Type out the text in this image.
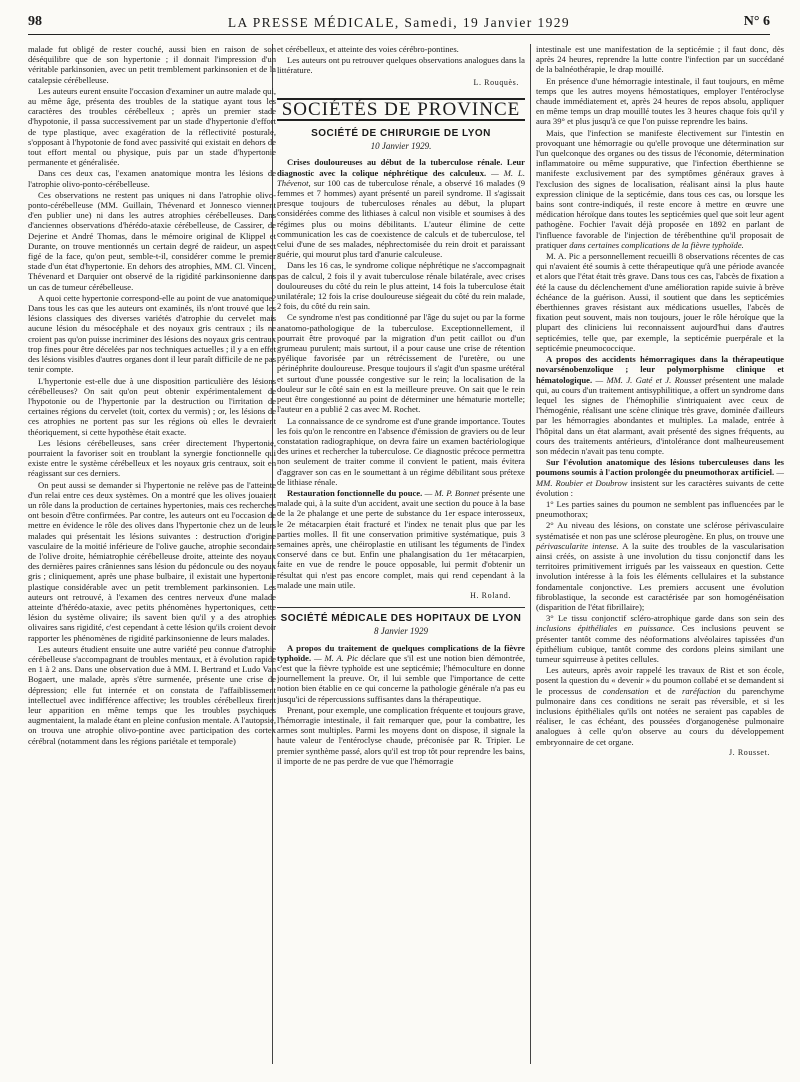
98	LA PRESSE MÉDICALE, Samedi, 19 Janvier 1929	N° 6

malade fut obligé de rester couché, aussi bien en raison de son déséquilibre que de son hypertonie ; il donnait l'impression d'un véritable parkinsonien, avec un petit tremblement parkinsonien et de la catalepsie cérébelleuse.

Les auteurs eurent ensuite l'occasion d'examiner un autre malade qui, au même âge, présenta des troubles de la statique ayant tous les caractères des troubles cérébelleux ; après un premier stade d'hypotonie, il passa successivement par un stade d'hypertonie d'effort de type plastique, avec exagération de la réflectivité posturale, s'opposant à l'hypotonie de fond avec passivité qui existait en dehors de tout effort mental ou physique, puis par un stade d'hypertonie permanente et généralisée.

Dans ces deux cas, l'examen anatomique montra les lésions de l'atrophie olivo-ponto-cérébelleuse.

Ces observations ne restent pas uniques ni dans l'atrophie olivo-ponto-cérébelleuse (MM. Guillain, Thévenard et Jonnesco viennent d'en publier une) ni dans les autres atrophies cérébelleuses. Dans d'anciennes observations d'hérédo-ataxie cérébelleuse, de Cassirer, de Dejerine et André Thomas, dans le mémoire original de Klippel et Durante, on trouve mentionnés un certain degré de raideur, un aspect figé de la face, qu'on peut, semble-t-il, considérer comme le premier stade d'un état d'hypertonie. En dehors des atrophies, MM. Cl. Vincent, Thévenard et Darquier ont observé de la rigidité parkinsonienne dans un cas de tumeur cérébelleuse.

A quoi cette hypertonie correspond-elle au point de vue anatomique? Dans tous les cas que les auteurs ont examinés, ils n'ont trouvé que les lésions classiques des diverses variétés d'atrophie du cervelet mais aucune lésion du mésocéphale et des noyaux gris centraux ; ils ne croient pas qu'on puisse incriminer des lésions des noyaux gris centraux trop fines pour être décelées par nos techniques actuelles ; il y a en effet des lésions visibles d'autres organes dont il leur paraît difficile de ne pas tenir compte.

L'hypertonie est-elle due à une disposition particulière des lésions cérébelleuses? On sait qu'on peut obtenir expérimentalement de l'hypotonie ou de l'hypertonie par la destruction ou l'irritation de certaines régions du cervelet (toit, cortex du vermis) ; or, les lésions de ces atrophies ne portent pas sur les régions où elles le devraient théoriquement, si cette hypothèse était exacte.

Les lésions cérébelleuses, sans créer directement l'hypertonie, pourraient la favoriser soit en troublant la synergie fonctionnelle qui existe entre le système cérébelleux et les noyaux gris centraux, soit en réagissant sur ces derniers.

On peut aussi se demander si l'hypertonie ne relève pas de l'atteinte d'un relai entre ces deux systèmes. On a montré que les olives jouaient un rôle dans la production de certaines hypertonies, mais ces recherches ont besoin d'être confirmées. Par contre, les auteurs ont eu l'occasion de mettre en évidence le rôle des olives dans l'hypertonie chez un de leurs malades qui présentait les lésions suivantes : destruction d'origine vasculaire de la moitié inférieure de l'olive gauche, atrophie secondaire de l'olive droite, hémiatrophie cérébelleuse droite, atteinte des noyaux des dernières paires crâniennes sans lésion du pédoncule ou des noyaux gris ; cliniquement, après une phase bulbaire, il existait une hypertonie plastique considérable avec un petit tremblement parkinsonien. Les auteurs ont retrouvé, à l'examen des centres nerveux d'une malade atteinte d'hérédo-ataxie, avec petits phénomènes hypertoniques, cette lésion du système olivaire; ils savent bien qu'il y a des atrophies olivaires sans rigidité, c'est cependant à cette lésion qu'ils croient devoir rapporter les phénomènes de rigidité parkinsonienne de leurs malades.

Les auteurs étudient ensuite une autre variété peu connue d'atrophie cérébelleuse s'accompagnant de troubles mentaux, et à évolution rapide en 1 à 2 ans. Dans une observation due à MM. I. Bertrand et Ludo Van Bogaert, une malade, après s'être surmenée, présente une crise de dépression; elle fut internée et on constata de l'affaiblissement intellectuel avec indifférence affective; les troubles cérébelleux firent leur apparition en même temps que les troubles psychiques augmentaient, la malade étant en pleine confusion mentale. A l'autopsie, on trouva une atrophie olivo-pontine avec participation des cortex cérébral (notamment dans les régions pariétale et temporale)

et cérébelleux, et atteinte des voies cérébro-pontines.

Les auteurs ont pu retrouver quelques observations analogues dans la littérature.

L. Rouquès.
SOCIÉTÉS DE PROVINCE
SOCIÉTÉ DE CHIRURGIE DE LYON
10 Janvier 1929.

Crises douloureuses au début de la tuberculose rénale. Leur diagnostic avec la colique néphrétique des calculeux. — M. L. Thévenot, sur 100 cas de tuberculose rénale, a observé 16 malades (9 femmes et 7 hommes) ayant présenté un pareil syndrome. Il s'agissait presque toujours de tuberculoses rénales au début, la plupart considérées comme des lithiases à calcul non visible et soumises à des régimes plus ou moins débilitants. L'auteur élimine de cette communication les cas de coexistence de calculs et de tuberculose, tel celui d'une de ses malades, néphrectomisée du rein droit et paraissant guérie, qui mourut plus tard d'anurie calculeuse.

Dans les 16 cas, le syndrome colique néphrétique ne s'accompagnait pas de calcul, 2 fois il y avait tuberculose rénale bilatérale, avec crises douloureuses du côté du rein le plus atteint, 14 fois la tuberculose était unilatérale; 12 fois la crise douloureuse siégeait du côté du rein malade, 2 fois, du côté du rein sain.

Ce syndrome n'est pas conditionné par l'âge du sujet ou par la forme anatomo-pathologique de la tuberculose. Exceptionnellement, il pourrait être provoqué par la migration d'un petit caillot ou d'un grumeau purulent; mais surtout, il a pour cause une crise de rétention pyélique favorisée par un rétrécissement de l'uretère, ou une périnéphrite douloureuse. Presque toujours il s'agit d'un spasme urétéral et surtout d'une poussée congestive sur le rein; la localisation de la douleur sur le côté sain en est la meilleure preuve. On sait que le rein peut être congestionné au point de déterminer une hématurie mortelle; l'auteur en a publié 2 cas avec M. Rochet.

La connaissance de ce syndrome est d'une grande importance. Toutes les fois qu'on le rencontre en l'absence d'émission de graviers ou de leur constatation radiographique, on devra faire un examen bactériologique des urines et rechercher la tuberculose. Ce diagnostic précoce permettra non seulement de traiter comme il convient le patient, mais évitera d'aggraver son cas en le soumettant à un régime débilitant sous prétexe de lithiase rénale.

Restauration fonctionnelle du pouce. — M. P. Bonnet présente une malade qui, à la suite d'un accident, avait une section du pouce à la base de la 2e phalange et une perte de substance du 1er espace interosseux, le 2e métacarpien était fracturé et l'index ne tenait plus que par les parties molles. Il fit une conservation primitive systématique, puis 3 semaines après, une chéiroplastie en utilisant les téguments de l'index conservé dans ce but. Enfin une phalangisation du 1er métacarpien, faite en vue de rendre le pouce opposable, lui permit d'obtenir un résultat qui n'est pas encore complet, mais qui rend cependant à la malade une main utile.

H. Roland.
SOCIÉTÉ MÉDICALE DES HOPITAUX DE LYON
8 Janvier 1929

A propos du traitement de quelques complications de la fièvre typhoïde. — M. A. Pic déclare que s'il est une notion bien démontrée, c'est que la fièvre typhoïde est une septicémie; l'hémoculture en donne journellement la preuve. Or, il lui semble que l'importance de cette notion bien établie en ce qui concerne la pathologie générale n'a pas eu jusqu'ici de répercussions suffisantes dans la thérapeutique.

Prenant, pour exemple, une complication fréquente et toujours grave, l'hémorragie intestinale, il fait remarquer que, pour la combattre, les armes sont multiples. Parmi les moyens dont on dispose, il signale la haute valeur de l'entéroclyse chaude, préconisée par R. Tripier. Le premier synthème passé, alors qu'il est trop tôt pour reprendre les bains, il importe de ne pas perdre de vue que l'hémorragie

intestinale est une manifestation de la septicémie ; il faut donc, dès après 24 heures, reprendre la lutte contre l'infection par un succédané de la balnéothérapie, le drap mouillé.

En présence d'une hémorragie intestinale, il faut toujours, en même temps que les autres moyens hémostatiques, employer l'entéroclyse chaude immédiatement et, après 24 heures de repos absolu, appliquer en même temps un drap mouillé toutes les 3 heures chaque fois qu'il y aura 39° et plus jusqu'à ce que l'on puisse reprendre les bains.

Mais, que l'infection se manifeste électivement sur l'intestin en provoquant une hémorragie ou qu'elle provoque une détermination sur l'un quelconque des organes ou des tissus de l'économie, détermination inflammatoire ou même suppurative, que l'infection éberthienne se manifeste exclusivement par des symptômes généraux graves à l'exclusion des signes de localisation, réalisant ainsi la plus haute expression clinique de la septicémie, dans tous ces cas, ou lorsque les bains sont contre-indiqués, il reste encore à mettre en œuvre une médication héroïque dans toutes les septicémies quel que soit leur agent pathogène. Fochier l'avait déjà proposée en 1892 en parlant de l'influence favorable de l'injection de térébenthine qu'il proposait de pratiquer dans certaines complications de la fièvre typhoïde.

M. A. Pic a personnellement recueilli 8 observations récentes de cas qui n'avaient été soumis à cette thérapeutique qu'à une période avancée et alors que l'état était très grave. Dans tous ces cas, l'abcès de fixation a été la cause du déclenchement d'une amélioration rapide suivie à brève échéance de la guérison. Aussi, il soutient que dans les septicémies éberthiennes graves résistant aux médications usuelles, l'abcès de fixation peut souvent, mais non toujours, jouer le rôle héroïque que la plupart des cliniciens lui reconnaissent aujourd'hui dans d'autres septicémies, telle que, par exemple, la septicémie puerpérale et la septicémie pneumococcique.

A propos des accidents hémorragiques dans la thérapeutique novarsénobenzolique ; leur polymorphisme clinique et hématologique. — MM. J. Gaté et J. Rousset présentent une malade qui, au cours d'un traitement antisyphilitique, a offert un syndrome dans lequel les signes de l'hémophilie s'intriquaient avec ceux de l'hémogénie, réalisant une scène clinique très grave, dominée d'ailleurs par les hémorragies abondantes et multiples. La malade, entrée à l'hôpital dans un état alarmant, avait présenté des signes fréquents, au cours des traitements antérieurs, d'intolérance dont malheureusement son médecin n'avait pas tenu compte.

Sur l'évolution anatomique des lésions tuberculeuses dans les poumons soumis à l'action prolongée du pneumothorax artificiel. — MM. Roubier et Doubrow insistent sur les caractères suivants de cette évolution :

1° Les parties saines du poumon ne semblent pas influencées par le pneumothorax;

2° Au niveau des lésions, on constate une sclérose périvasculaire systématisée et non pas une sclérose pleurogène. En plus, on trouve une périvascularite intense. A la suite des troubles de la vascularisation ainsi créés, on assiste à une involution du tissu conjonctif dans les territoires primitivement irrigués par les vaisseaux en question. Cette involution intéresse à la fois les éléments cellulaires et la substance fondamentale conjonctive. Les premiers accusent une évolution fibroblastique, la seconde est caractérisée par son homogénéisation (disparition de l'état fibrillaire);

3° Le tissu conjonctif scléro-atrophique garde dans son sein des inclusions épithéliales en puissance. Ces inclusions peuvent se présenter tantôt comme des néoformations alvéolaires tapissées d'un épithélium cubique, tantôt comme des cordons pleins similant une tumeur squirreuse à petites cellules.

Les auteurs, après avoir rappelé les travaux de Rist et son école, posent la question du « devenir » du poumon collabé et se demandent si le processus de condensation et de raréfaction du parenchyme pulmonaire dans ces conditions ne serait pas réversible, et si les inclusions épithéliales qu'ils ont notées ne seraient pas capables de réaliser, le cas échéant, des poussées d'organogenèse pulmonaire analogues à celle qu'on observe au cours du développement embryonnaire de cet organe.

J. Rousset.
